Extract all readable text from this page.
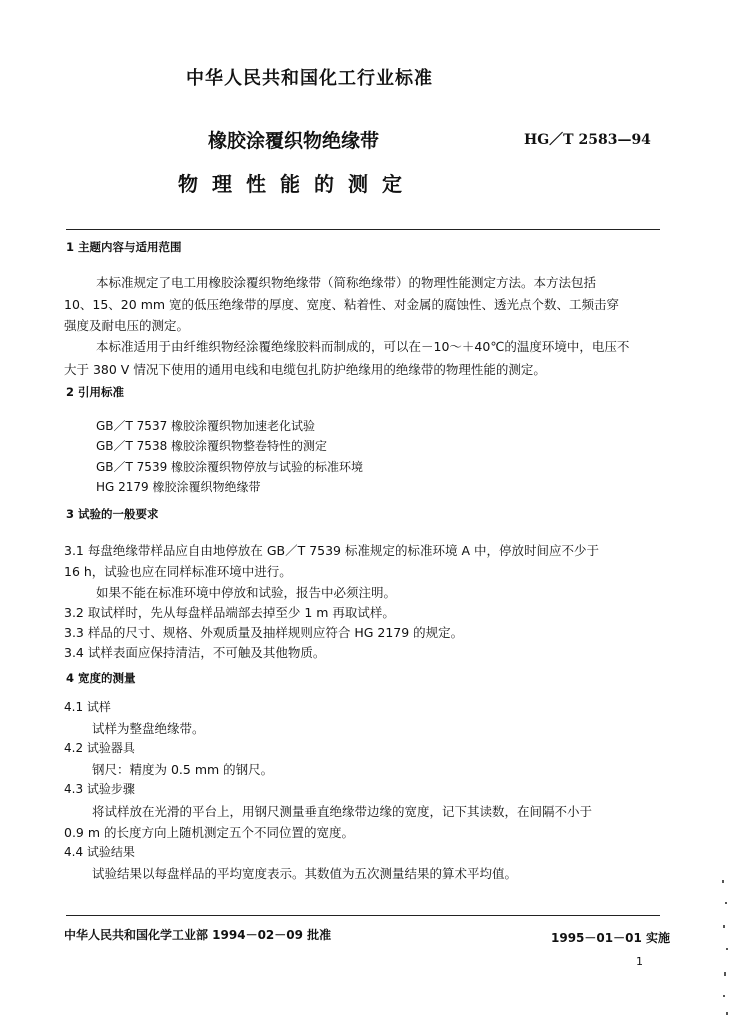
中华人民共和国化工行业标准
橡胶涂覆织物绝缘带	HG／T 2583—94
物理性能的测定
1 主题内容与适用范围
本标准规定了电工用橡胶涂覆织物绝缘带（简称绝缘带）的物理性能测定方法。本方法包括
10、15、20 mm 宽的低压绝缘带的厚度、宽度、粘着性、对金属的腐蚀性、透光点个数、工频击穿
强度及耐电压的测定。
本标准适用于由纤维织物经涂覆绝缘胶料而制成的，可以在－10～＋40℃的温度环境中，电压不
大于 380 V 情况下使用的通用电线和电缆包扎防护绝缘用的绝缘带的物理性能的测定。
2 引用标准
GB／T 7537 橡胶涂覆织物加速老化试验
GB／T 7538 橡胶涂覆织物整卷特性的测定
GB／T 7539 橡胶涂覆织物停放与试验的标准环境
HG 2179 橡胶涂覆织物绝缘带
3 试验的一般要求
3.1 每盘绝缘带样品应自由地停放在 GB／T 7539 标准规定的标准环境 A 中，停放时间应不少于
16 h，试验也应在同样标准环境中进行。
如果不能在标准环境中停放和试验，报告中必须注明。
3.2 取试样时，先从每盘样品端部去掉至少 1 m 再取试样。
3.3 样品的尺寸、规格、外观质量及抽样规则应符合 HG 2179 的规定。
3.4 试样表面应保持清洁，不可触及其他物质。
4 宽度的测量
4.1 试样
试样为整盘绝缘带。
4.2 试验器具
钢尺：精度为 0.5 mm 的钢尺。
4.3 试验步骤
将试样放在光滑的平台上，用钢尺测量垂直绝缘带边缘的宽度，记下其读数，在间隔不小于
0.9 m 的长度方向上随机测定五个不同位置的宽度。
4.4 试验结果
试验结果以每盘样品的平均宽度表示。其数值为五次测量结果的算术平均值。
中华人民共和国化学工业部 1994－02－09 批准	1995－01－01 实施
1
